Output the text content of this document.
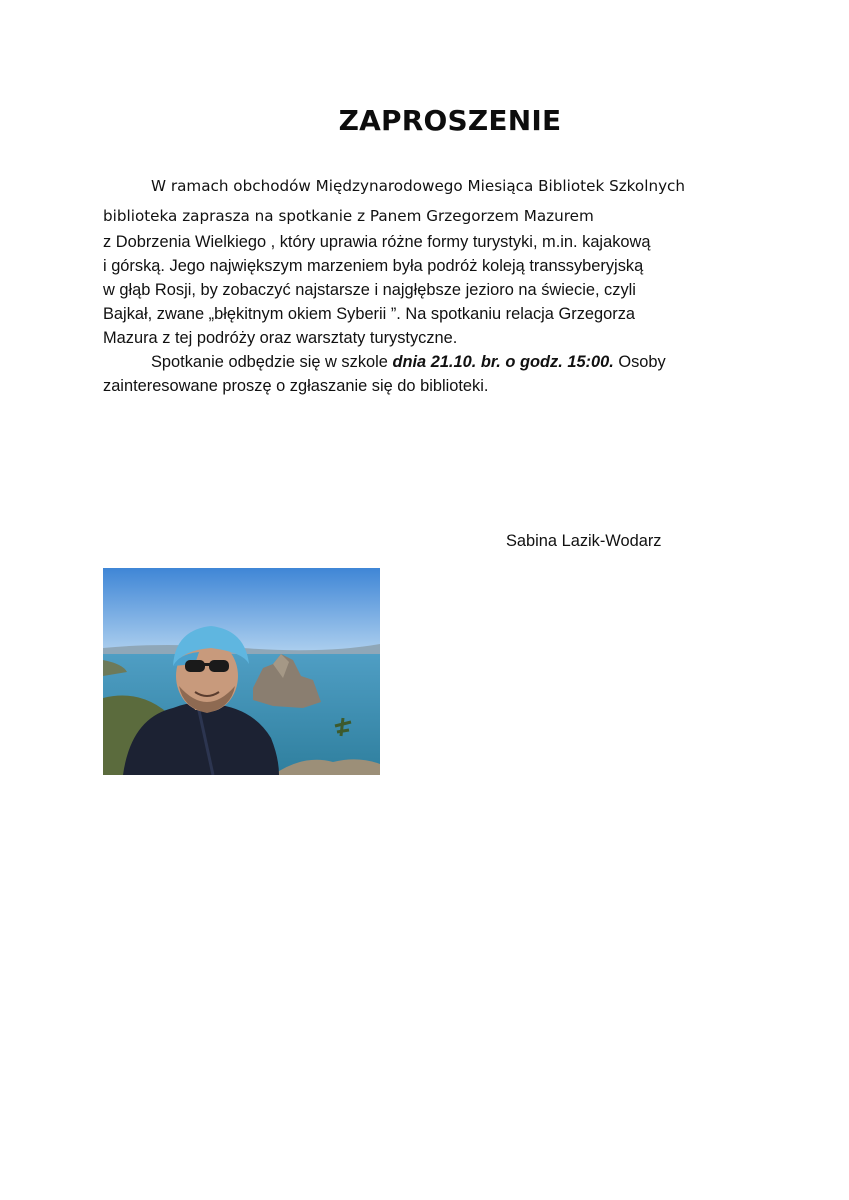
ZAPROSZENIE
W ramach obchodów Międzynarodowego Miesiąca Bibliotek Szkolnych
biblioteka zaprasza na spotkanie z Panem Grzegorzem Mazurem
z Dobrzenia Wielkiego , który uprawia różne formy turystyki, m.in. kajakową
i górską. Jego największym marzeniem była podróż koleją transsyberyjską
w głąb Rosji, by zobaczyć najstarsze i najgłębsze jezioro na świecie, czyli
Bajkał, zwane „błękitnym okiem Syberii ”. Na spotkaniu relacja Grzegorza
Mazura z tej podróży oraz warsztaty turystyczne.
Spotkanie odbędzie się w szkole dnia 21.10. br. o godz. 15:00. Osoby
zainteresowane proszę o zgłaszanie się do biblioteki.
Sabina Lazik-Wodarz
